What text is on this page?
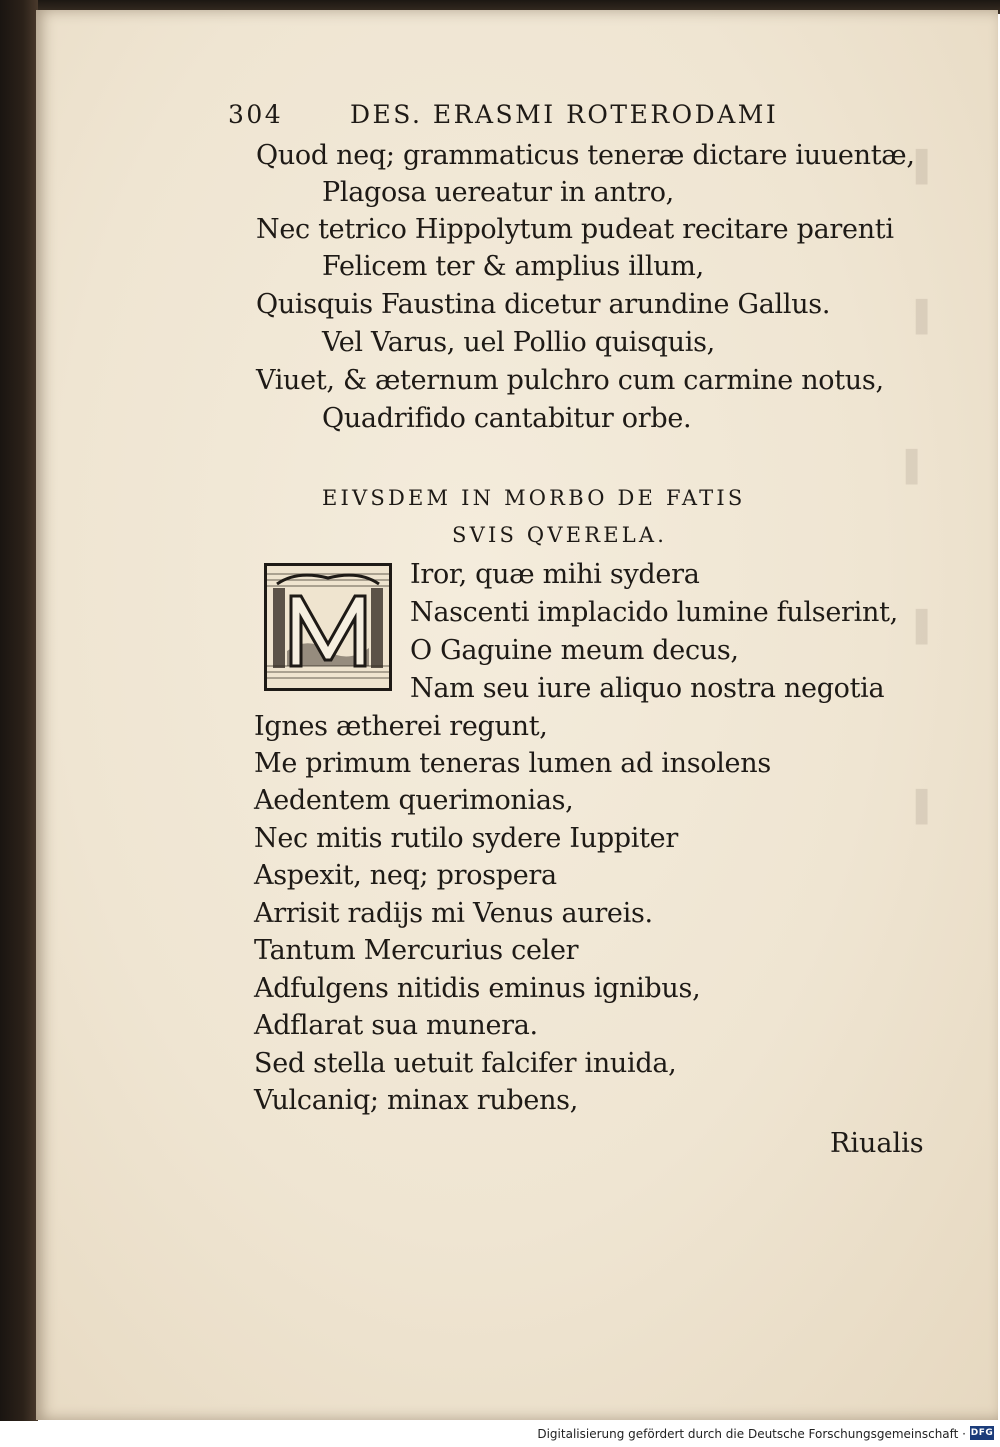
▌
▌
▌
▌
▌
304	DES. ERASMI ROTERODAMI
Quod neq; grammaticus teneræ dictare iuuentæ,
Plagosa uereatur in antro,
Nec tetrico Hippolytum pudeat recitare parenti
Felicem ter & amplius illum,
Quisquis Faustina dicetur arundine Gallus.
Vel Varus, uel Pollio quisquis,
Viuet, & æternum pulchro cum carmine notus,
Quadrifido cantabitur orbe.
EIVSDEM IN MORBO DE FATIS
SVIS QVERELA.
Iror, quæ mihi sydera
Nascenti implacido lumine fulserint,
O Gaguine meum decus,
Nam seu iure aliquo nostra negotia
Ignes ætherei regunt,
Me primum teneras lumen ad insolens
Aedentem querimonias,
Nec mitis rutilo sydere Iuppiter
Aspexit, neq; prospera
Arrisit radijs mi Venus aureis.
Tantum Mercurius celer
Adfulgens nitidis eminus ignibus,
Adflarat sua munera.
Sed stella uetuit falcifer inuida,
Vulcaniq; minax rubens,
Riualis
Digitalisierung gefördert durch die Deutsche Forschungsgemeinschaft · DFG
